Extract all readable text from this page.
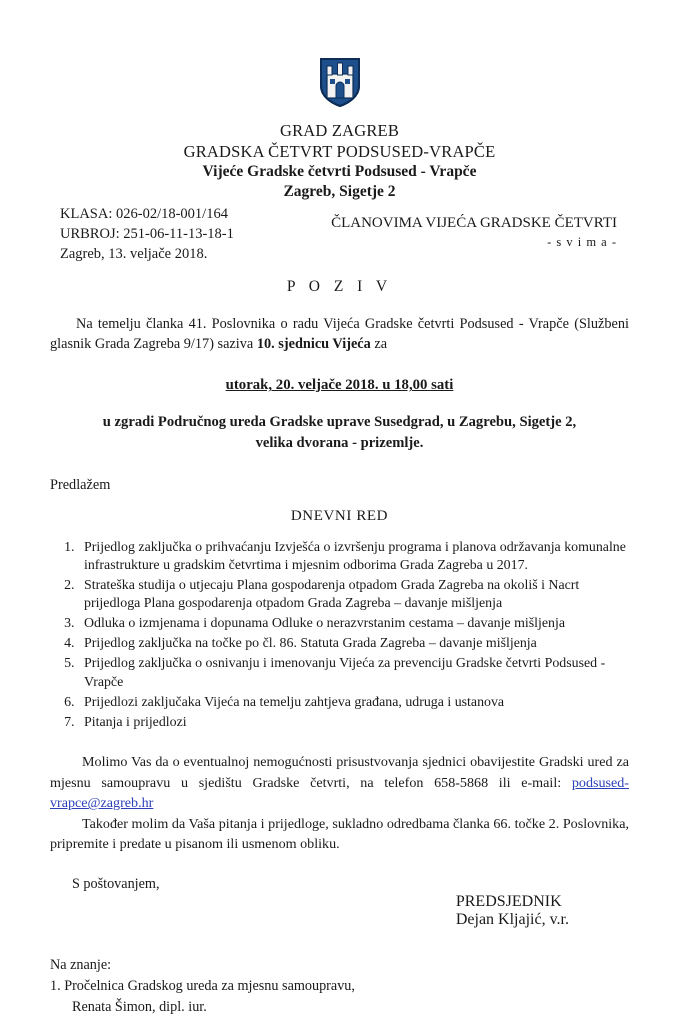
GRAD ZAGREB
GRADSKA ČETVRT PODSUSED-VRAPČE
Vijeće Gradske četvrti Podsused - Vrapče
Zagreb, Sigetje 2
KLASA: 026-02/18-001/164
URBROJ: 251-06-11-13-18-1
Zagreb, 13. veljače 2018.
ČLANOVIMA VIJEĆA GRADSKE ČETVRTI
- s v i m a -
P O Z I V
Na temelju članka 41. Poslovnika o radu Vijeća Gradske četvrti Podsused - Vrapče (Službeni glasnik Grada Zagreba 9/17) saziva 10. sjednicu Vijeća za
utorak, 20. veljače 2018. u 18,00 sati
u zgradi Područnog ureda Gradske uprave Susedgrad, u Zagrebu, Sigetje 2,
velika dvorana - prizemlje.
Predlažem
DNEVNI RED
1. Prijedlog zaključka o prihvaćanju Izvješća o izvršenju programa i planova održavanja komunalne infrastrukture u gradskim četvrtima i mjesnim odborima Grada Zagreba u 2017.
2. Strateška studija o utjecaju Plana gospodarenja otpadom Grada Zagreba na okoliš i Nacrt prijedloga Plana gospodarenja otpadom Grada Zagreba – davanje mišljenja
3. Odluka o izmjenama i dopunama Odluke o nerazvrstanim cestama – davanje mišljenja
4. Prijedlog zaključka na točke po čl. 86. Statuta Grada Zagreba – davanje mišljenja
5. Prijedlog zaključka o osnivanju i imenovanju Vijeća za prevenciju Gradske četvrti Podsused - Vrapče
6. Prijedlozi zaključaka Vijeća na temelju zahtjeva građana, udruga i ustanova
7. Pitanja i prijedlozi

Molimo Vas da o eventualnoj nemogućnosti prisustvovanja sjednici obavijestite Gradski ured za mjesnu samoupravu u sjedištu Gradske četvrti, na telefon 658-5868 ili e-mail: podsused-vrapce@zagreb.hr

Također molim da Vaša pitanja i prijedloge, sukladno odredbama članka 66. točke 2. Poslovnika, pripremite i predate u pisanom ili usmenom obliku.

S poštovanjem,
PREDSJEDNIK
Dejan Kljajić, v.r.
Na znanje:
1. Pročelnica Gradskog ureda za mjesnu samoupravu,
Renata Šimon, dipl. iur.
